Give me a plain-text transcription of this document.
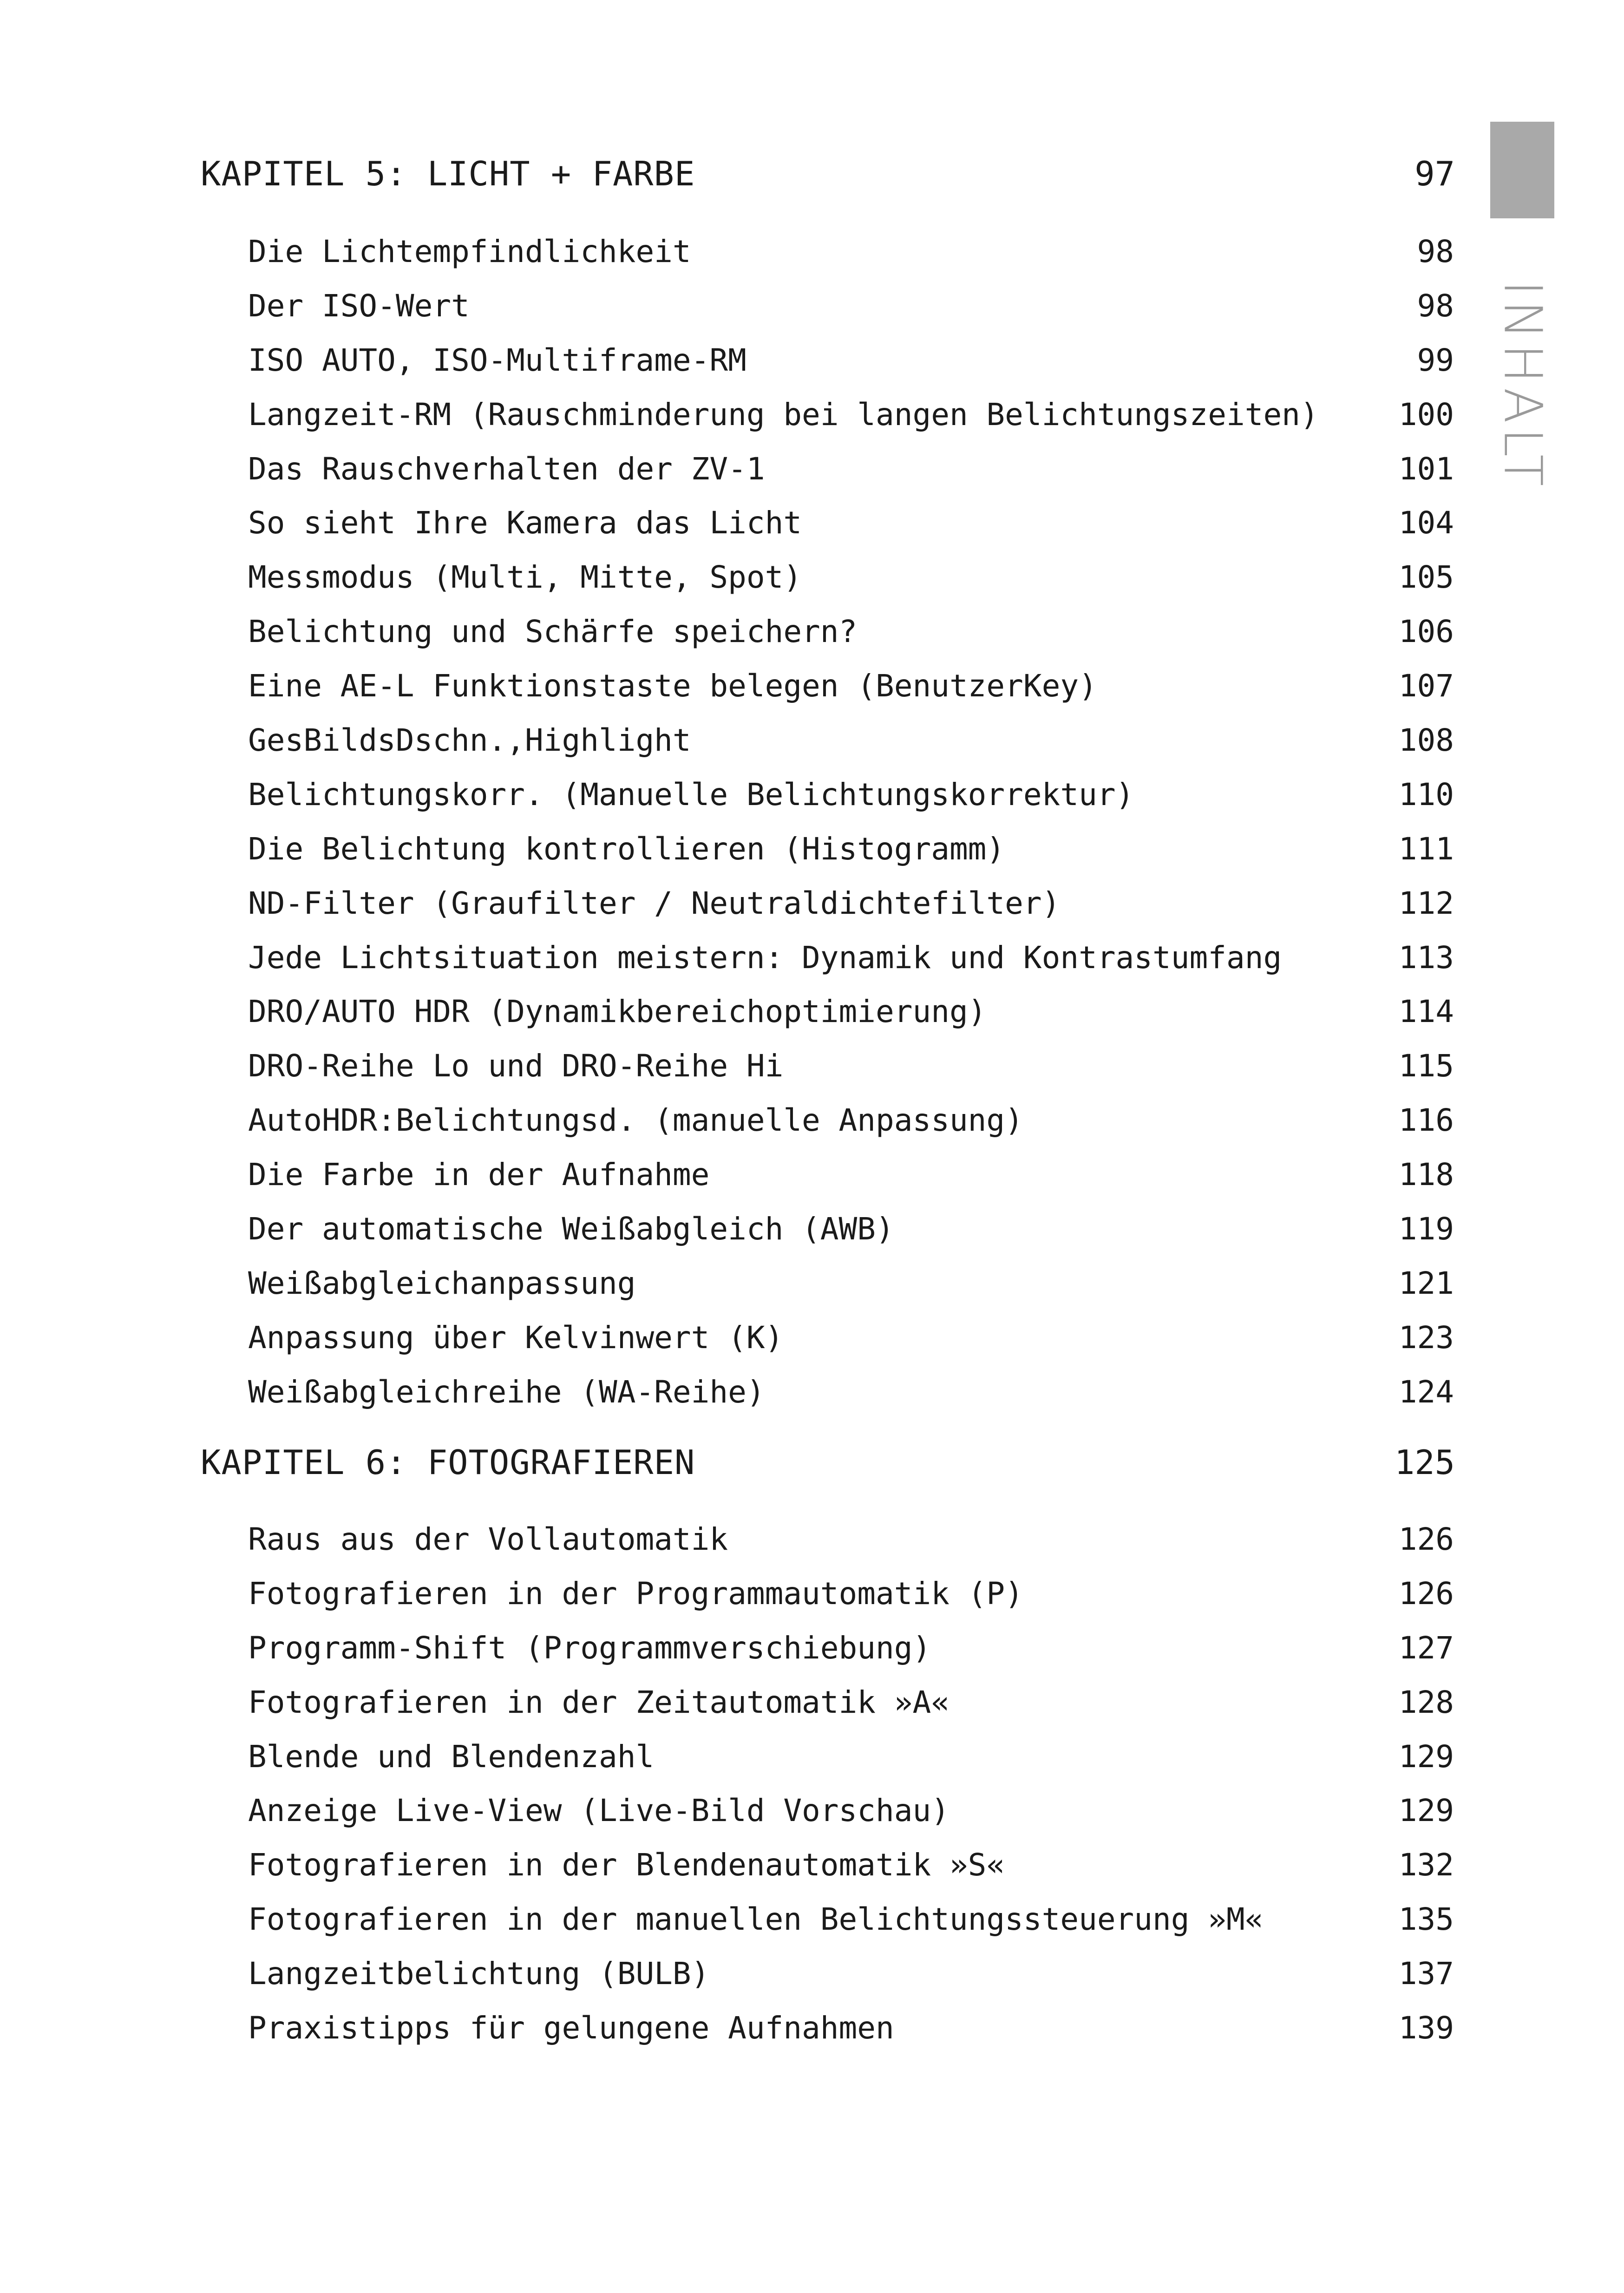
INHALT
KAPITEL 5: LICHT + FARBE	97
Die Lichtempfindlichkeit	98
Der ISO-Wert	98
ISO AUTO, ISO-Multiframe-RM	99
Langzeit-RM (Rauschminderung bei langen Belichtungszeiten)	100
Das Rauschverhalten der ZV-1	101
So sieht Ihre Kamera das Licht	104
Messmodus (Multi, Mitte, Spot)	105
Belichtung und Schärfe speichern?	106
Eine AE-L Funktionstaste belegen (BenutzerKey)	107
GesBildsDschn.,Highlight	108
Belichtungskorr. (Manuelle Belichtungskorrektur)	110
Die Belichtung kontrollieren (Histogramm)	111
ND-Filter (Graufilter / Neutraldichtefilter)	112
Jede Lichtsituation meistern: Dynamik und Kontrastumfang	113
DRO/AUTO HDR (Dynamikbereichoptimierung)	114
DRO-Reihe Lo und DRO-Reihe Hi	115
AutoHDR:Belichtungsd. (manuelle Anpassung)	116
Die Farbe in der Aufnahme	118
Der automatische Weißabgleich (AWB)	119
Weißabgleichanpassung	121
Anpassung über Kelvinwert (K)	123
Weißabgleichreihe (WA-Reihe)	124
KAPITEL 6: FOTOGRAFIEREN	125
Raus aus der Vollautomatik	126
Fotografieren in der Programmautomatik (P)	126
Programm-Shift (Programmverschiebung)	127
Fotografieren in der Zeitautomatik »A«	128
Blende und Blendenzahl	129
Anzeige Live-View (Live-Bild Vorschau)	129
Fotografieren in der Blendenautomatik »S«	132
Fotografieren in der manuellen Belichtungssteuerung »M«	135
Langzeitbelichtung (BULB)	137
Praxistipps für gelungene Aufnahmen	139
